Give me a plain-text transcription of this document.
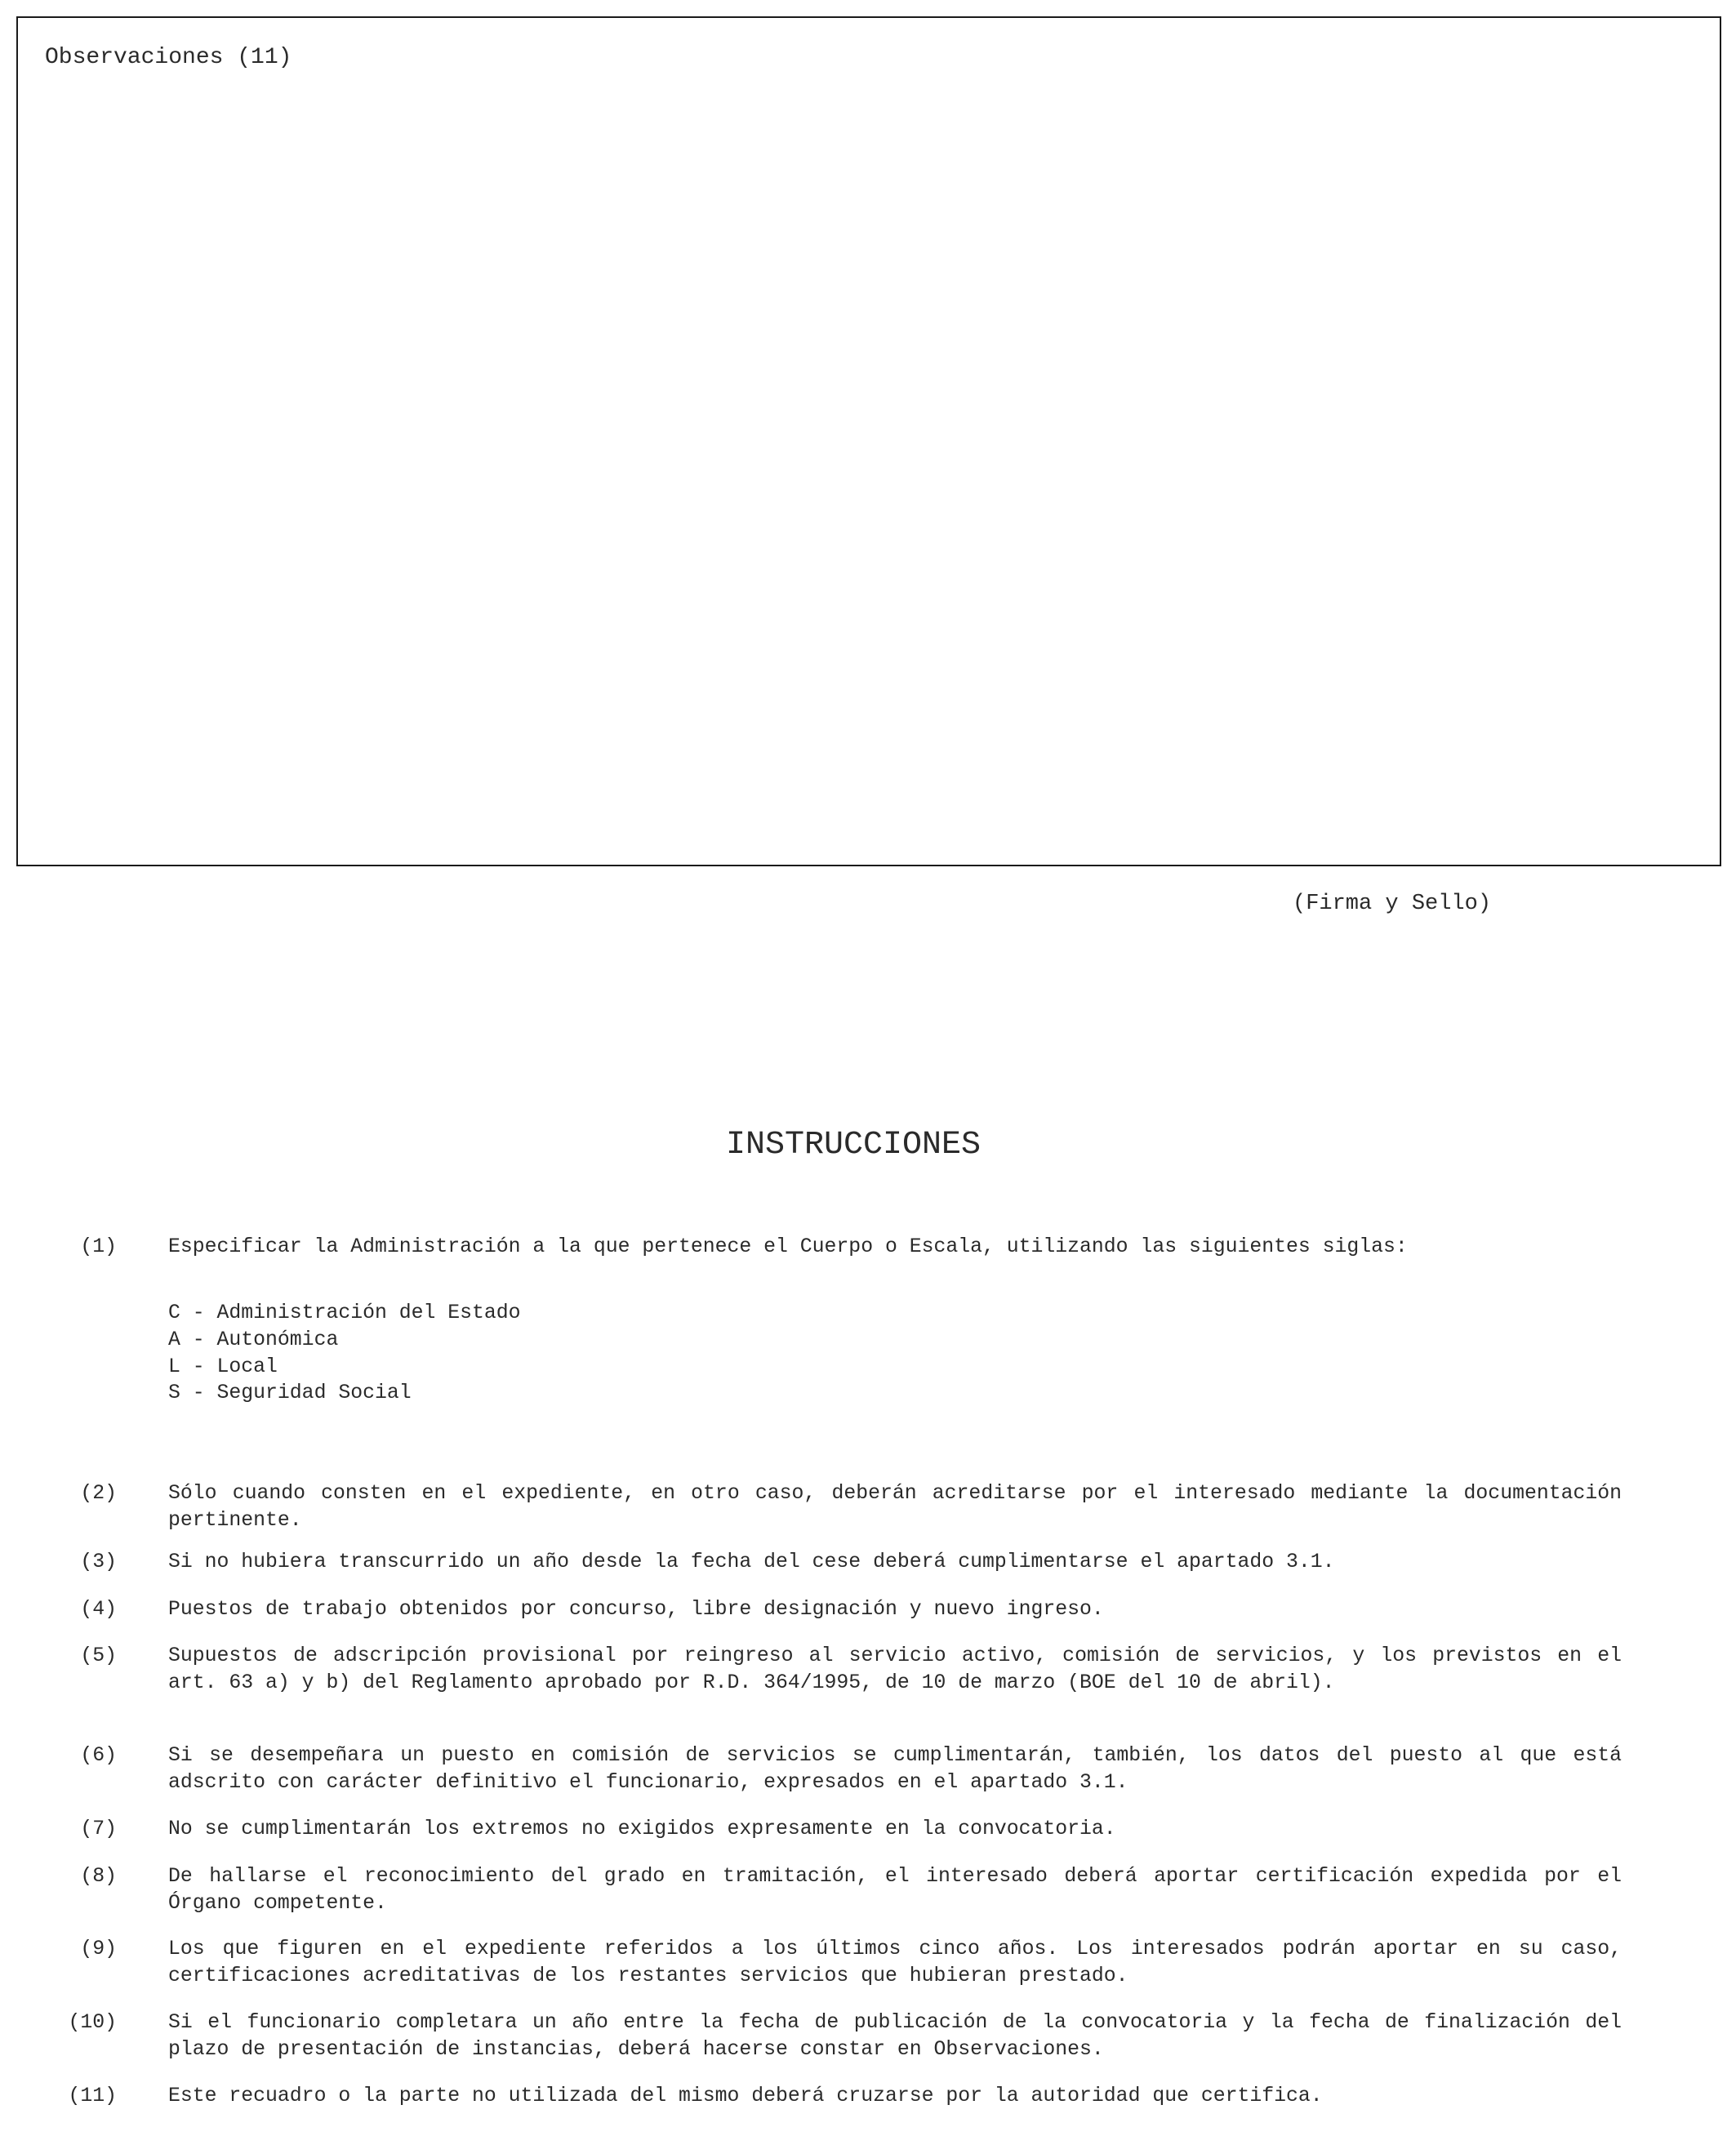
Observaciones (11)
(Firma y Sello)
INSTRUCCIONES
(1)	Especificar la Administración a la que pertenece el Cuerpo o Escala, utilizando las siguientes siglas:
C - Administración del Estado
A - Autonómica
L - Local
S - Seguridad Social
(2)	Sólo cuando consten en el expediente, en otro caso, deberán acreditarse por el interesado mediante la documentación pertinente.
(3)	Si no hubiera transcurrido un año desde la fecha del cese deberá cumplimentarse el apartado 3.1.
(4)	Puestos de trabajo obtenidos por concurso, libre designación y nuevo ingreso.
(5)	Supuestos de adscripción provisional por reingreso al servicio activo, comisión de servicios, y los previstos en el art. 63 a) y b) del Reglamento aprobado por R.D. 364/1995, de 10 de marzo (BOE del 10 de abril).
(6)	Si se desempeñara un puesto en comisión de servicios se cumplimentarán, también, los datos del puesto al que está adscrito con carácter definitivo el funcionario, expresados en el apartado 3.1.
(7)	No se cumplimentarán los extremos no exigidos expresamente en la convocatoria.
(8)	De hallarse el reconocimiento del grado en tramitación, el interesado deberá aportar certificación expedida por el Órgano competente.
(9)	Los que figuren en el expediente referidos a los últimos cinco años. Los interesados podrán aportar en su caso, certificaciones acreditativas de los restantes servicios que hubieran prestado.
(10)	Si el funcionario completara un año entre la fecha de publicación de la convocatoria y la fecha de finalización del plazo de presentación de instancias, deberá hacerse constar en Observaciones.
(11)	Este recuadro o la parte no utilizada del mismo deberá cruzarse por la autoridad que certifica.
